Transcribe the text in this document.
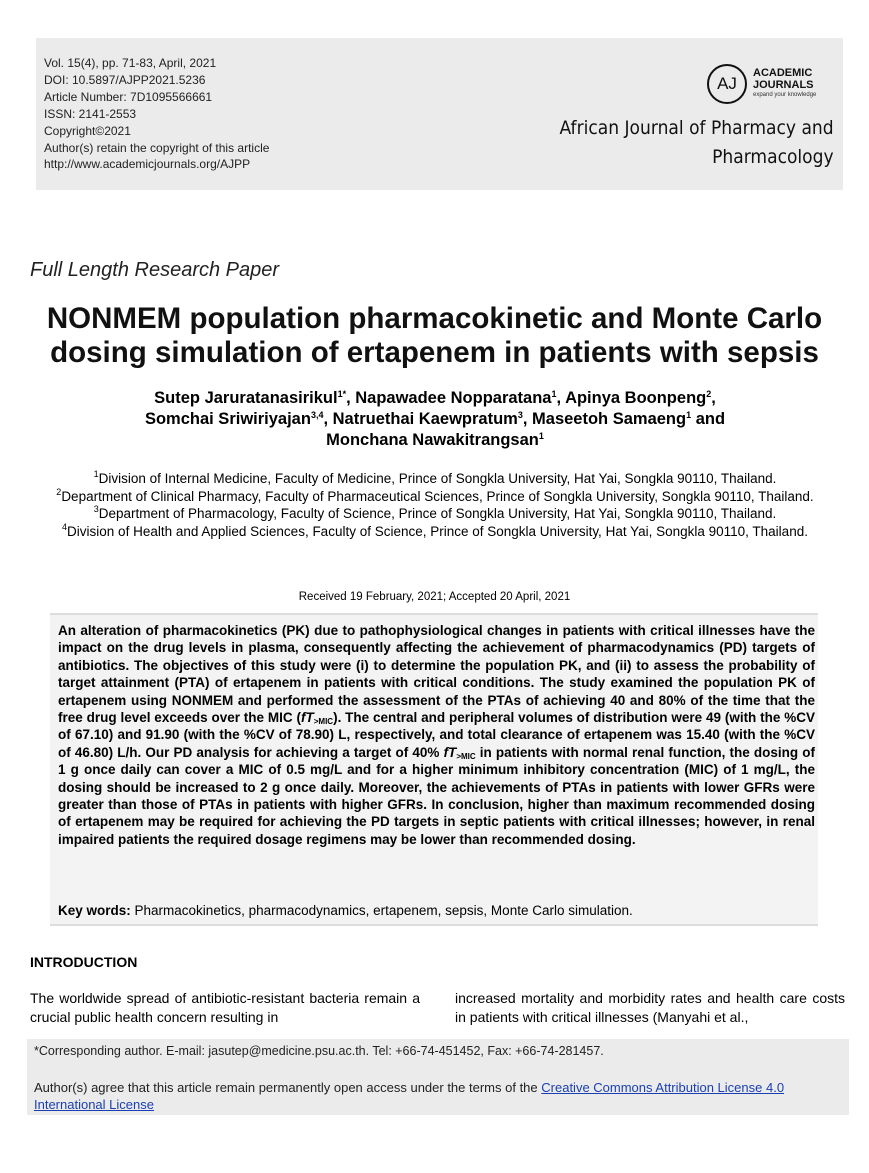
Vol. 15(4), pp. 71-83, April, 2021
DOI: 10.5897/AJPP2021.5236
Article Number: 7D1095566661
ISSN: 2141-2553
Copyright©2021
Author(s) retain the copyright of this article
http://www.academicjournals.org/AJPP
AJ
ACADEMIC
JOURNALS
expand your knowledge
African Journal of Pharmacy and
Pharmacology
Full Length Research Paper
NONMEM population pharmacokinetic and Monte Carlo
dosing simulation of ertapenem in patients with sepsis
Sutep Jaruratanasirikul$^{1*}$, Napawadee Nopparatana$^1$, Apinya Boonpeng$^2$,
Somchai Sriwiriyajan$^{3,4}$, Natruethai Kaewpratum$^3$, Maseetoh Samaeng$^1$ and
Monchana Nawakitrangsan$^1$
$^1$Division of Internal Medicine, Faculty of Medicine, Prince of Songkla University, Hat Yai, Songkla 90110, Thailand.
$^2$Department of Clinical Pharmacy, Faculty of Pharmaceutical Sciences, Prince of Songkla University, Songkla 90110, Thailand.
$^3$Department of Pharmacology, Faculty of Science, Prince of Songkla University, Hat Yai, Songkla 90110, Thailand.
$^4$Division of Health and Applied Sciences, Faculty of Science, Prince of Songkla University, Hat Yai, Songkla 90110, Thailand.
Received 19 February, 2021; Accepted 20 April, 2021
An alteration of pharmacokinetics (PK) due to pathophysiological changes in patients with critical illnesses have the impact on the drug levels in plasma, consequently affecting the achievement of pharmacodynamics (PD) targets of antibiotics. The objectives of this study were (i) to determine the population PK, and (ii) to assess the probability of target attainment (PTA) of ertapenem in patients with critical conditions. The study examined the population PK of ertapenem using NONMEM and performed the assessment of the PTAs of achieving 40 and 80% of the time that the free drug level exceeds over the MIC $(fT_{>MIC})$. The central and peripheral volumes of distribution were 49 (with the %CV of 67.10) and 91.90 (with the %CV of 78.90) L, respectively, and total clearance of ertapenem was 15.40 (with the %CV of 46.80) L/h. Our PD analysis for achieving a target of 40% $fT_{>MIC}$ in patients with normal renal function, the dosing of 1 g once daily can cover a MIC of 0.5 mg/L and for a higher minimum inhibitory concentration (MIC) of 1 mg/L, the dosing should be increased to 2 g once daily. Moreover, the achievements of PTAs in patients with lower GFRs were greater than those of PTAs in patients with higher GFRs. In conclusion, higher than maximum recommended dosing of ertapenem may be required for achieving the PD targets in septic patients with critical illnesses; however, in renal impaired patients the required dosage regimens may be lower than recommended dosing.
Key words: Pharmacokinetics, pharmacodynamics, ertapenem, sepsis, Monte Carlo simulation.
INTRODUCTION
The worldwide spread of antibiotic-resistant bacteria remain a crucial public health concern resulting in
increased mortality and morbidity rates and health care costs in patients with critical illnesses (Manyahi et al.,
*Corresponding author. E-mail: jasutep@medicine.psu.ac.th. Tel: +66-74-451452, Fax: +66-74-281457.
Author(s) agree that this article remain permanently open access under the terms of the Creative Commons Attribution License 4.0 International License
